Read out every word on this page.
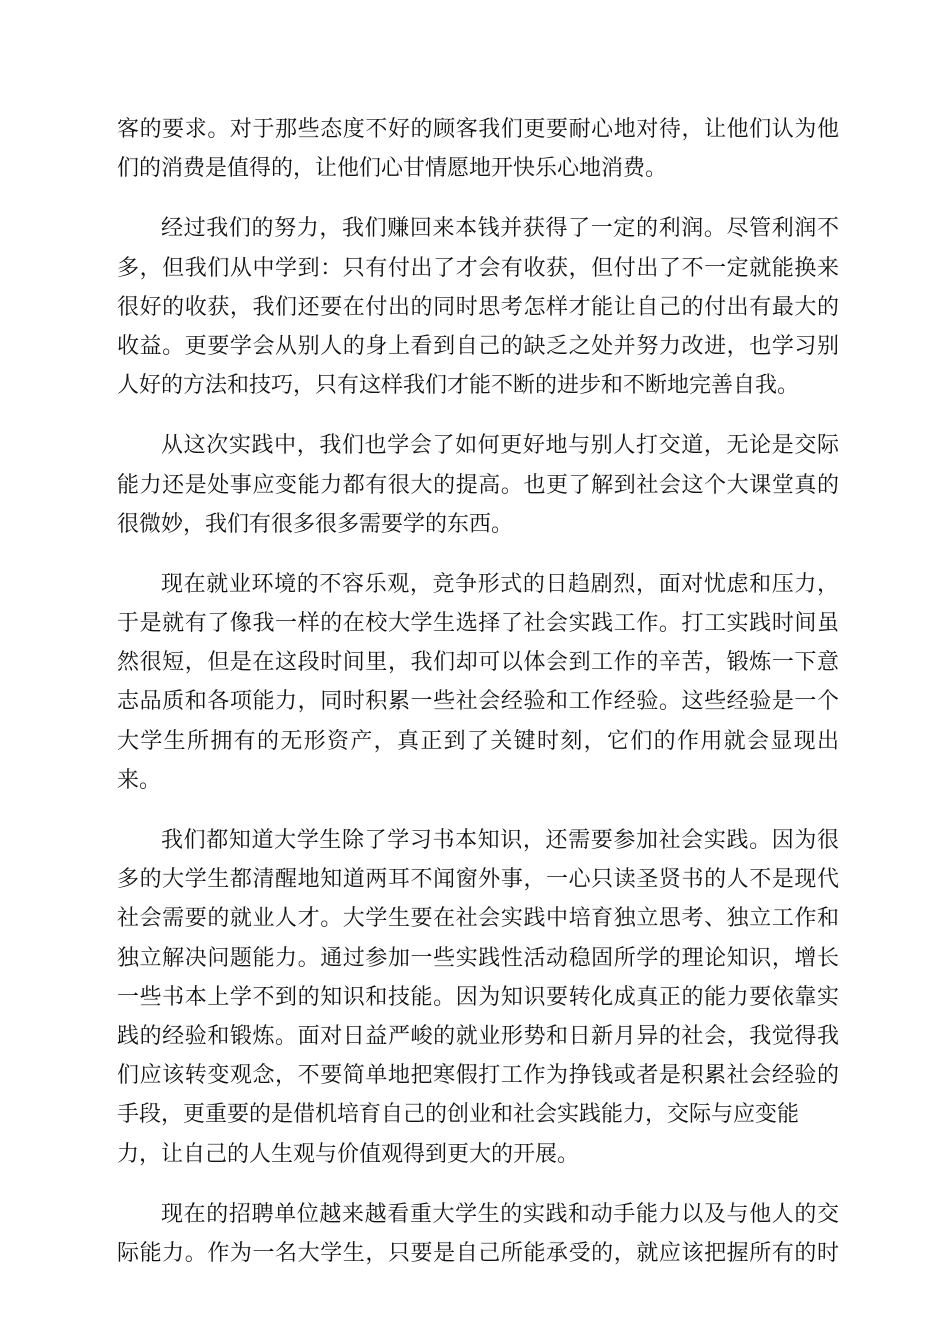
客的要求。对于那些态度不好的顾客我们更要耐心地对待，让他们认为他
们的消费是值得的，让他们心甘情愿地开快乐心地消费。
经过我们的努力，我们赚回来本钱并获得了一定的利润。尽管利润不
多，但我们从中学到：只有付出了才会有收获，但付出了不一定就能换来
很好的收获，我们还要在付出的同时思考怎样才能让自己的付出有最大的
收益。更要学会从别人的身上看到自己的缺乏之处并努力改进，也学习别
人好的方法和技巧，只有这样我们才能不断的进步和不断地完善自我。
从这次实践中，我们也学会了如何更好地与别人打交道，无论是交际
能力还是处事应变能力都有很大的提高。也更了解到社会这个大课堂真的
很微妙，我们有很多很多需要学的东西。
现在就业环境的不容乐观，竞争形式的日趋剧烈，面对忧虑和压力，
于是就有了像我一样的在校大学生选择了社会实践工作。打工实践时间虽
然很短，但是在这段时间里，我们却可以体会到工作的辛苦，锻炼一下意
志品质和各项能力，同时积累一些社会经验和工作经验。这些经验是一个
大学生所拥有的无形资产，真正到了关键时刻，它们的作用就会显现出
来。
我们都知道大学生除了学习书本知识，还需要参加社会实践。因为很
多的大学生都清醒地知道两耳不闻窗外事，一心只读圣贤书的人不是现代
社会需要的就业人才。大学生要在社会实践中培育独立思考、独立工作和
独立解决问题能力。通过参加一些实践性活动稳固所学的理论知识，增长
一些书本上学不到的知识和技能。因为知识要转化成真正的能力要依靠实
践的经验和锻炼。面对日益严峻的就业形势和日新月异的社会，我觉得我
们应该转变观念，不要简单地把寒假打工作为挣钱或者是积累社会经验的
手段，更重要的是借机培育自己的创业和社会实践能力，交际与应变能
力，让自己的人生观与价值观得到更大的开展。
现在的招聘单位越来越看重大学生的实践和动手能力以及与他人的交
际能力。作为一名大学生，只要是自己所能承受的，就应该把握所有的时
